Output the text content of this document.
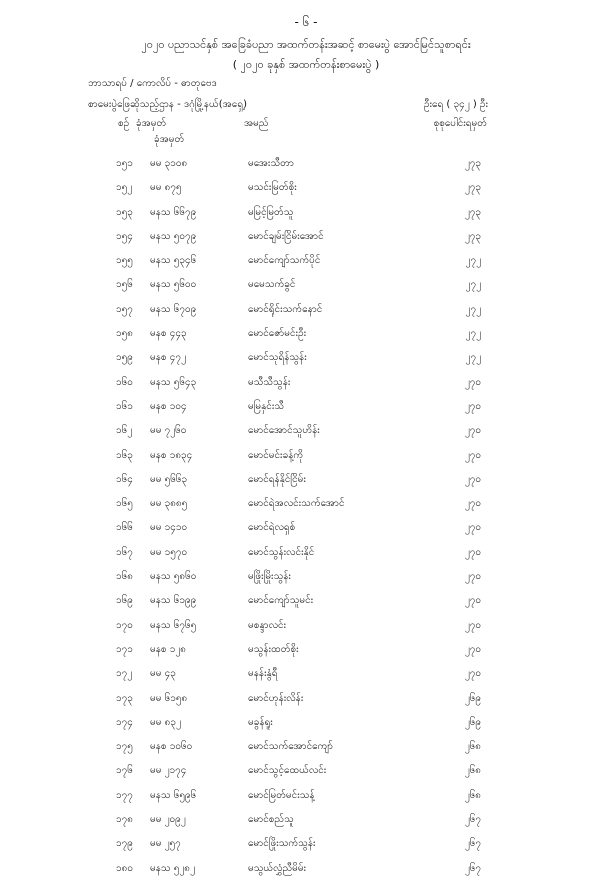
- ၆ -
၂၀၂၀ ပညာသင်နှစ် အခြေခံပညာ အထက်တန်းအဆင့် စာမေးပွဲ အောင်မြင်သူစာရင်း
( ၂၀၂၀ ခုနှစ် အထက်တန်းစာမေးပွဲ )
ဘာသာရပ် / ကောလိပ် - ဓာတုဗေဒ
စာမေးပွဲဖြေဆိုသည့်ဌာန - ဒဂုံမြို့နယ်(အရှေ့)	ဦးရေ ( ၃၄၂ ) ဦး
စဉ် ခုံအမှတ်
ခုံအမှတ်
အမည်	စုစုပေါင်းရမှတ်
၁၅၁ မမ ၃၁၀၈	မအေးသီတာ	၂၇၃
၁၅၂ မမ ၈၇၅	မသင်းမြတ်စိုး	၂၇၃
၁၅၃ မနသ ၆၆၇၉	မမြင့်မြတ်သူ	၂၇၃
၁၅၄ မနသ ၅၀၇၉	မောင်ချမ်းငြိမ်းအောင်	၂၇၃
၁၅၅ မနသ ၅၃၄၆	မောင်ကျော်သက်ပိုင်	၂၇၂
၁၅၆ မနသ ၅၆၀၀	မမေသက်ခွင်	၂၇၂
၁၅၇ မနသ ၆၇၀၉	မောင်ရိုင်းသက်နောင်	၂၇၂
၁၅၈ မနစ ၄၄၃	မောင်ဇော်မင်းဦး	၂၇၂
၁၅၉ မနစ ၄၇၂	မောင်သုရိန်သွန်း	၂၇၂
၁၆၀ မနသ ၅၆၄၃	မသီသီသွန်း	၂၇၀
၁၆၁ မနစ ၁၀၄	မမြနှင်းသီ	၂၇၀
၁၆၂ မမ ၇၂၆၀	မောင်အောင်သူဟိန်း	၂၇၀
၁၆၃ မနစ ၁၈၃၄	မောင်မင်းခန့်ကို	၂၇၀
၁၆၄ မမ ၅၆၆၃	မောင်ရန်နိုင်ငြိမ်း	၂၇၀
၁၆၅ မမ ၃၈၈၅	မောင်ရဲအလင်းသက်အောင်	၂၇၀
၁၆၆ မမ ၁၄၁၀	မောင်ရဲလရှစ်	၂၇၀
၁၆၇ မမ ၁၅၇၀	မောင်သွန်းလင်းနိုင်	၂၇၀
၁၆၈ မနသ ၅၈၆၀	မဖြိုးမြိုးသွန်း	၂၇၀
၁၆၉ မနသ ၆၁၉၉	မောင်ကျော်သူမင်း	၂၇၀
၁၇၀ မနသ ၆၇၆၅	မစန္ဒာလင်း	၂၇၀
၁၇၁ မနစ ၁၂၈	မသွန်းထတ်စိုး	၂၇၀
၁၇၂ မမ ၄၃	မနန်းနွံရီ	၂၇၀
၁၇၃ မမ ၆၁၅၈	မောင်ဟုန်းလိန်း	၂၆၉
၁၇၄ မမ ၈၃၂	မခွန်ရူး	၂၆၉
၁၇၅ မနစ ၁၀၆၀	မောင်သက်အောင်ကျော်	၂၆၈
၁၇၆ မမ ၂၁၇၄	မောင်သွင့်ထေယ်လင်း	၂၆၈
၁၇၇ မနသ ၆၅၉၆	မောင်မြတ်မင်းသန့်	၂၆၈
၁၇၈ မမ ၂၀၉၂	မောင်စည်သူ	၂၆၇
၁၇၉ မမ ၂၅၇	မောင်ဖြိုးသက်သွန်း	၂၆၇
၁၈၀ မနသ ၅၂၈၂	မသွယ်လွှံညီမိမ်း	၂၆၇
